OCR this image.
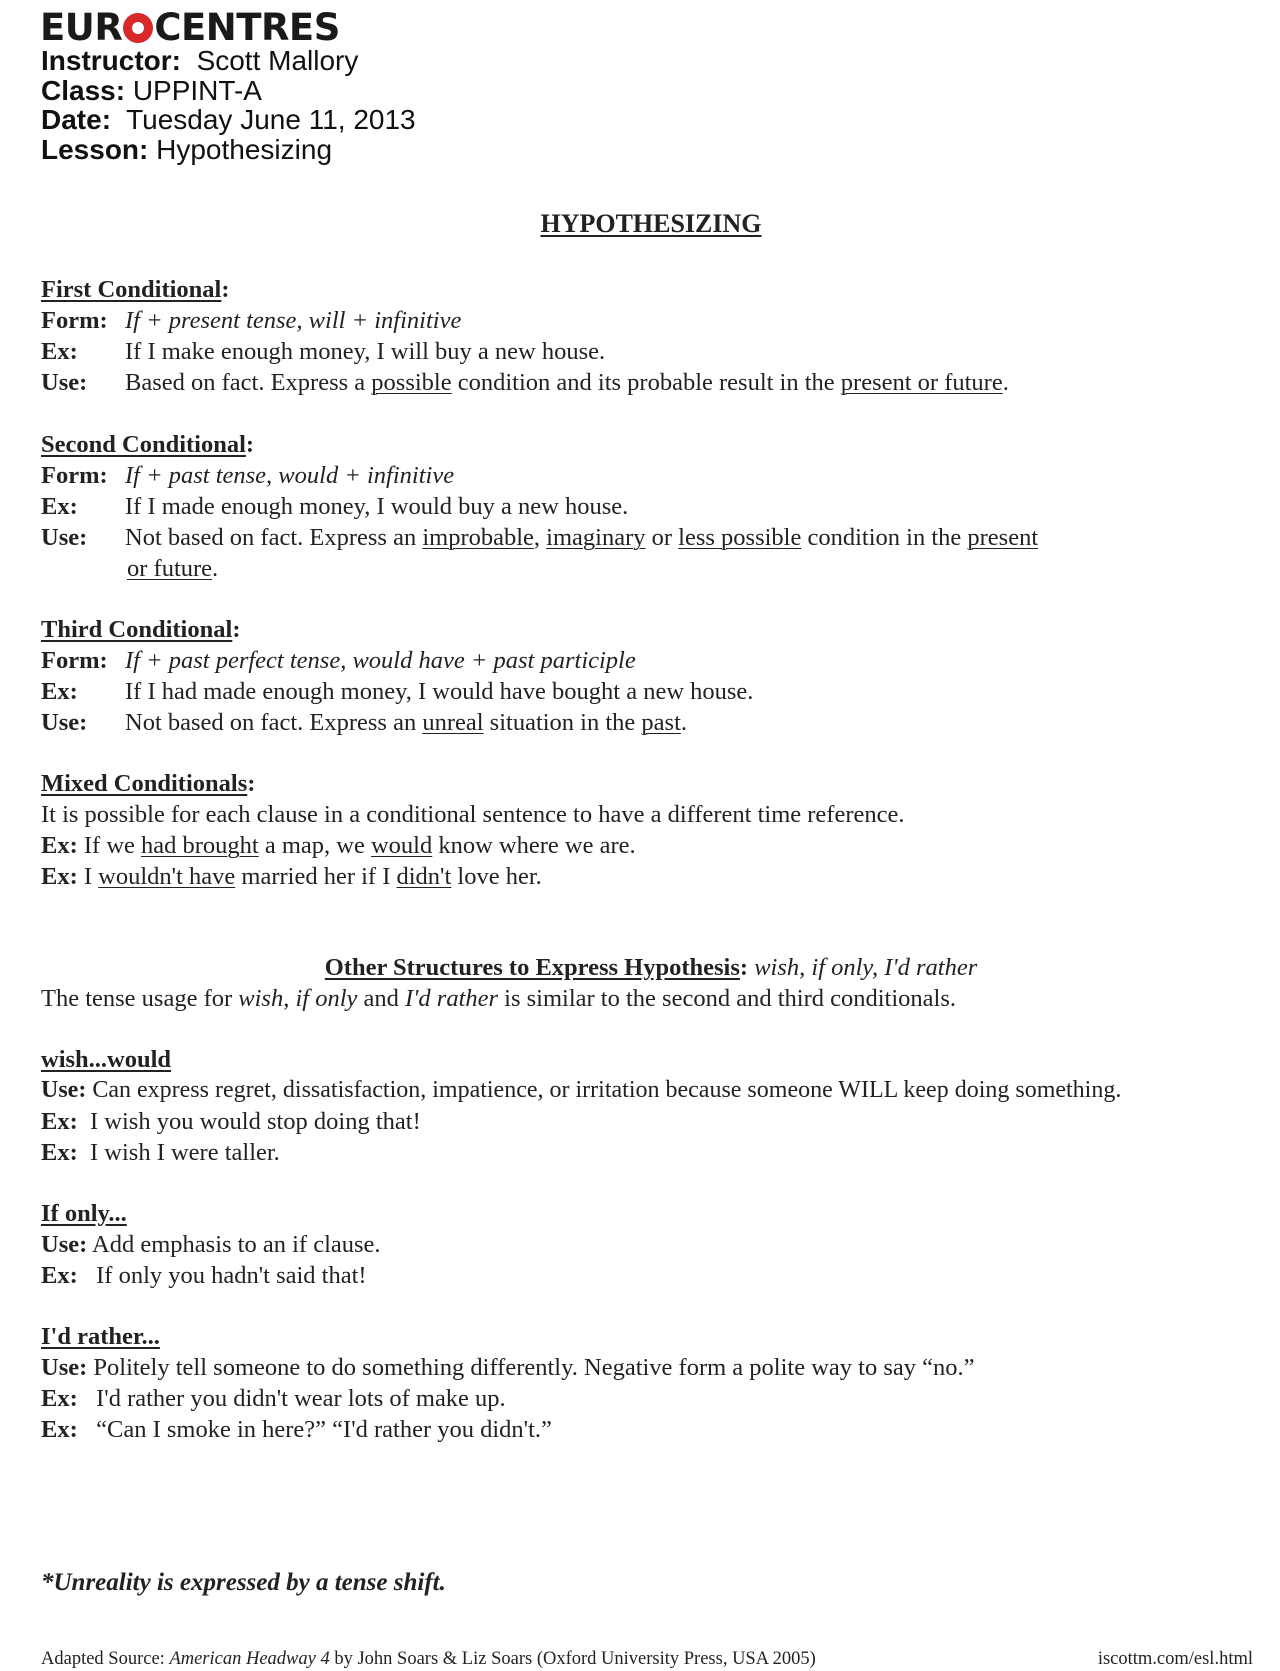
EUR CENTRES
Instructor: Scott Mallory
Class: UPPINT-A
Date: Tuesday June 11, 2013
Lesson: Hypothesizing
HYPOTHESIZING
First Conditional:
Form: If + present tense, will + infinitive
Ex: If I make enough money, I will buy a new house.
Use: Based on fact. Express a possible condition and its probable result in the present or future.
Second Conditional:
Form: If + past tense, would + infinitive
Ex: If I made enough money, I would buy a new house.
Use: Not based on fact. Express an improbable, imaginary or less possible condition in the present
or future.
Third Conditional:
Form: If + past perfect tense, would have + past participle
Ex: If I had made enough money, I would have bought a new house.
Use: Not based on fact. Express an unreal situation in the past.
Mixed Conditionals:
It is possible for each clause in a conditional sentence to have a different time reference.
Ex: If we had brought a map, we would know where we are.
Ex: I wouldn't have married her if I didn't love her.
Other Structures to Express Hypothesis: wish, if only, I'd rather
The tense usage for wish, if only and I'd rather is similar to the second and third conditionals.
wish...would
Use: Can express regret, dissatisfaction, impatience, or irritation because someone WILL keep doing something.
Ex: I wish you would stop doing that!
Ex: I wish I were taller.
If only...
Use: Add emphasis to an if clause.
Ex: If only you hadn't said that!
I'd rather...
Use: Politely tell someone to do something differently. Negative form a polite way to say “no.”
Ex: I'd rather you didn't wear lots of make up.
Ex: “Can I smoke in here?” “I'd rather you didn't.”
*Unreality is expressed by a tense shift.
Adapted Source: American Headway 4 by John Soars & Liz Soars (Oxford University Press, USA 2005)	iscottm.com/esl.html
